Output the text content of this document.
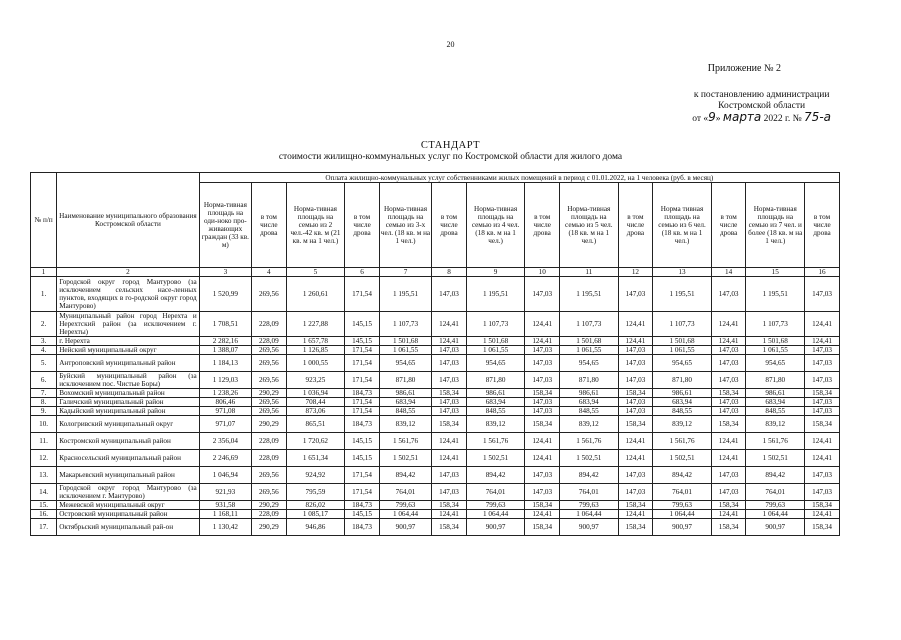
20
Приложение № 2
к постановлению администрации
Костромской области
от «9» марта 2022 г. № 75-а
СТАНДАРТ
стоимости жилищно-коммунальных услуг по Костромской области для жилого дома
№ п/п	Наименование муниципального образования Костромской области	Оплата жилищно-коммунальных услуг собственниками жилых помещений в период с 01.01.2022, на 1 человека (руб. в месяц)													
		Норма-тивная площадь на оди-ноко про-живающих граждан (33 кв. м)	в том числе дрова	Норма-тивная площадь на семью из 2 чел.-42 кв. м (21 кв. м на 1 чел.)	в том числе дрова	Норма-тивная площадь на семью из 3-х чел. (18 кв. м на 1 чел.)	в том числе дрова	Норма-тивная площадь на семью из 4 чел. (18 кв. м на 1 чел.)	в том числе дрова	Норма-тивная площадь на семью из 5 чел. (18 кв. м на 1 чел.)	в том числе дрова	Норма тивная площадь на семью из 6 чел. (18 кв. м на 1 чел.)	в том числе дрова	Норма-тивная площадь на семью из 7 чел. и более (18 кв. м на 1 чел.)	в том числе дрова
1	2	3	4	5	6	7	8	9	10	11	12	13	14	15	16
1.	Городской округ город Мантурово (за исключением сельских насе-ленных пунктов, входящих в го-родской округ город Мантурово)	1 520,99	269,56	1 260,61	171,54	1 195,51	147,03	1 195,51	147,03	1 195,51	147,03	1 195,51	147,03	1 195,51	147,03
2.	Муниципальный район город Нерехта и Нерехтский район (за исключением г. Нерехты)	1 708,51	228,09	1 227,88	145,15	1 107,73	124,41	1 107,73	124,41	1 107,73	124,41	1 107,73	124,41	1 107,73	124,41
3.	г. Нерехта	2 282,16	228,09	1 657,78	145,15	1 501,68	124,41	1 501,68	124,41	1 501,68	124,41	1 501,68	124,41	1 501,68	124,41
4.	Нейский муниципальный округ	1 388,07	269,56	1 126,85	171,54	1 061,55	147,03	1 061,55	147,03	1 061,55	147,03	1 061,55	147,03	1 061,55	147,03
5.	Антроповский муниципальный район	1 184,13	269,56	1 000,55	171,54	954,65	147,03	954,65	147,03	954,65	147,03	954,65	147,03	954,65	147,03
6.	Буйский муниципальный район (за исключением пос. Чистые Боры)	1 129,03	269,56	923,25	171,54	871,80	147,03	871,80	147,03	871,80	147,03	871,80	147,03	871,80	147,03
7.	Вохомский муниципальный район	1 238,26	290,29	1 036,94	184,73	986,61	158,34	986,61	158,34	986,61	158,34	986,61	158,34	986,61	158,34
8.	Галичский муниципальный район	806,46	269,56	708,44	171,54	683,94	147,03	683,94	147,03	683,94	147,03	683,94	147,03	683,94	147,03
9.	Кадыйский муниципальный район	971,08	269,56	873,06	171,54	848,55	147,03	848,55	147,03	848,55	147,03	848,55	147,03	848,55	147,03
10.	Кологривский муниципальный округ	971,07	290,29	865,51	184,73	839,12	158,34	839,12	158,34	839,12	158,34	839,12	158,34	839,12	158,34
11.	Костромской муниципальный район	2 356,04	228,09	1 720,62	145,15	1 561,76	124,41	1 561,76	124,41	1 561,76	124,41	1 561,76	124,41	1 561,76	124,41
12.	Красносельский муниципальный район	2 246,69	228,09	1 651,34	145,15	1 502,51	124,41	1 502,51	124,41	1 502,51	124,41	1 502,51	124,41	1 502,51	124,41
13.	Макарьевский муниципальный район	1 046,94	269,56	924,92	171,54	894,42	147,03	894,42	147,03	894,42	147,03	894,42	147,03	894,42	147,03
14.	Городской округ город Мантурово (за исключением г. Мантурово)	921,93	269,56	795,59	171,54	764,01	147,03	764,01	147,03	764,01	147,03	764,01	147,03	764,01	147,03
15.	Межевской муниципальный округ	931,58	290,29	826,02	184,73	799,63	158,34	799,63	158,34	799,63	158,34	799,63	158,34	799,63	158,34
16.	Островский муниципальный район	1 168,11	228,09	1 085,17	145,15	1 064,44	124,41	1 064,44	124,41	1 064,44	124,41	1 064,44	124,41	1 064,44	124,41
17.	Октябрьский муниципальный рай-он	1 130,42	290,29	946,86	184,73	900,97	158,34	900,97	158,34	900,97	158,34	900,97	158,34	900,97	158,34
